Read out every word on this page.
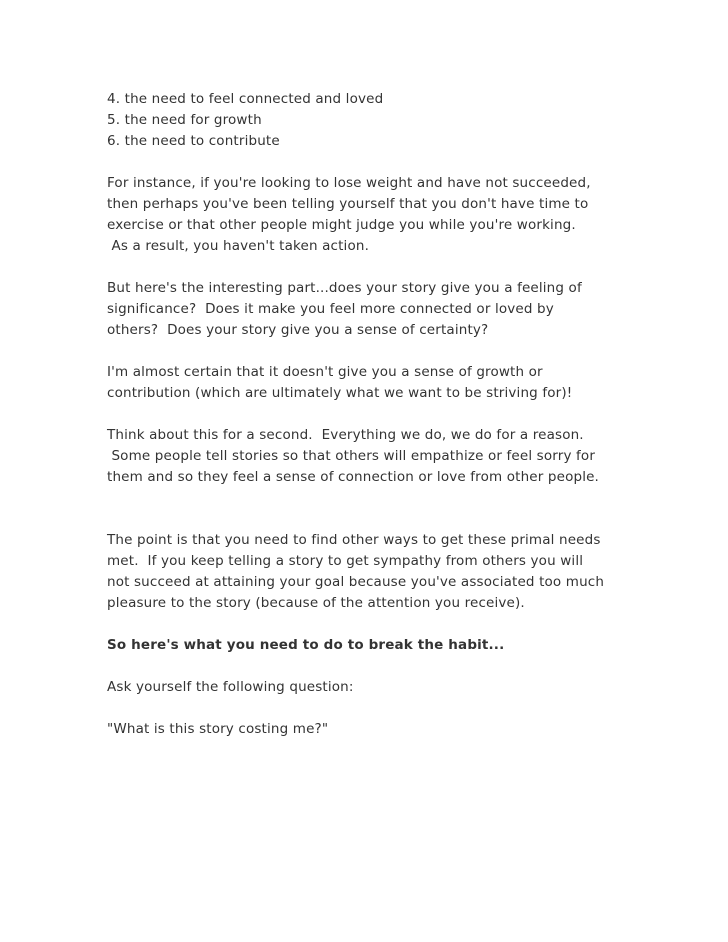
4. the need to feel connected and loved
5. the need for growth
6. the need to contribute
For instance, if you're looking to lose weight and have not succeeded,
then perhaps you've been telling yourself that you don't have time to
exercise or that other people might judge you while you're working.
As a result, you haven't taken action.
But here's the interesting part...does your story give you a feeling of
significance?  Does it make you feel more connected or loved by
others?  Does your story give you a sense of certainty?
I'm almost certain that it doesn't give you a sense of growth or
contribution (which are ultimately what we want to be striving for)!
Think about this for a second.  Everything we do, we do for a reason.
Some people tell stories so that others will empathize or feel sorry for
them and so they feel a sense of connection or love from other people.
The point is that you need to find other ways to get these primal needs
met.  If you keep telling a story to get sympathy from others you will
not succeed at attaining your goal because you've associated too much
pleasure to the story (because of the attention you receive).
So here's what you need to do to break the habit...
Ask yourself the following question:
"What is this story costing me?"
